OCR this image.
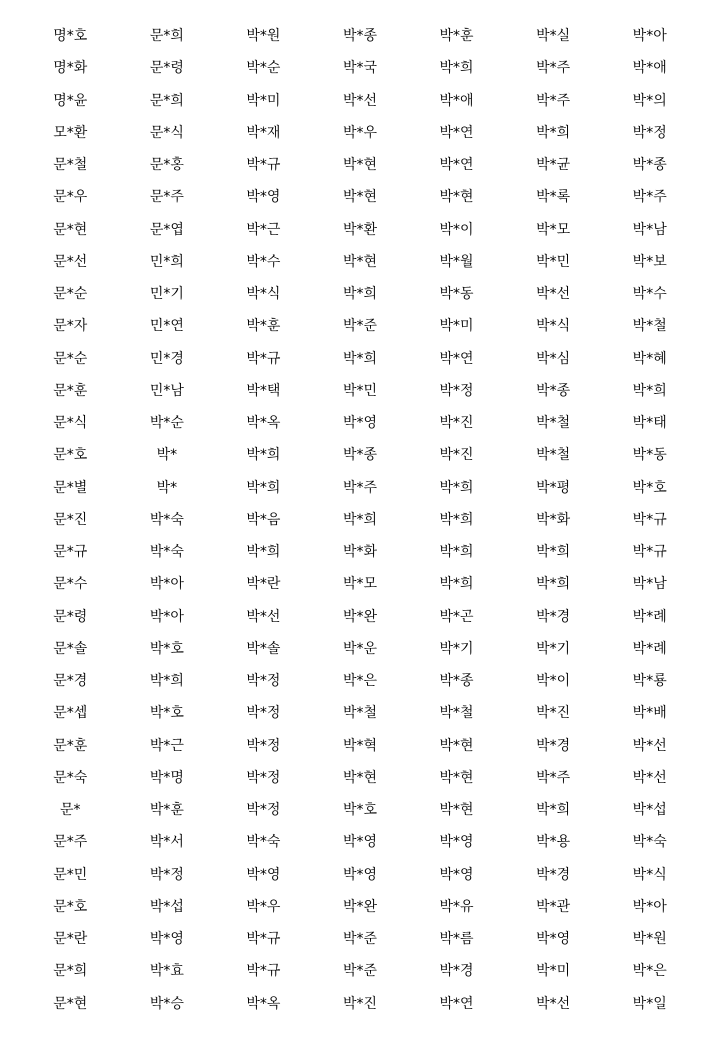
명*호	문*희	박*원	박*종	박*훈	박*실	박*아
명*화	문*령	박*순	박*국	박*희	박*주	박*애
명*윤	문*희	박*미	박*선	박*애	박*주	박*의
모*환	문*식	박*재	박*우	박*연	박*희	박*정
문*철	문*홍	박*규	박*현	박*연	박*균	박*종
문*우	문*주	박*영	박*현	박*현	박*록	박*주
문*현	문*엽	박*근	박*환	박*이	박*모	박*남
문*선	민*희	박*수	박*현	박*월	박*민	박*보
문*순	민*기	박*식	박*희	박*동	박*선	박*수
문*자	민*연	박*훈	박*준	박*미	박*식	박*철
문*순	민*경	박*규	박*희	박*연	박*심	박*혜
문*훈	민*남	박*택	박*민	박*정	박*종	박*희
문*식	박*순	박*옥	박*영	박*진	박*철	박*태
문*호	박*	박*희	박*종	박*진	박*철	박*동
문*별	박*	박*희	박*주	박*희	박*평	박*호
문*진	박*숙	박*음	박*희	박*희	박*화	박*규
문*규	박*숙	박*희	박*화	박*희	박*희	박*규
문*수	박*아	박*란	박*모	박*희	박*희	박*남
문*령	박*아	박*선	박*완	박*곤	박*경	박*례
문*솔	박*호	박*솔	박*운	박*기	박*기	박*례
문*경	박*희	박*정	박*은	박*종	박*이	박*룡
문*셉	박*호	박*정	박*철	박*철	박*진	박*배
문*훈	박*근	박*정	박*혁	박*현	박*경	박*선
문*숙	박*명	박*정	박*현	박*현	박*주	박*선
문*	박*훈	박*정	박*호	박*현	박*희	박*섭
문*주	박*서	박*숙	박*영	박*영	박*용	박*숙
문*민	박*정	박*영	박*영	박*영	박*경	박*식
문*호	박*섭	박*우	박*완	박*유	박*관	박*아
문*란	박*영	박*규	박*준	박*름	박*영	박*원
문*희	박*효	박*규	박*준	박*경	박*미	박*은
문*현	박*승	박*옥	박*진	박*연	박*선	박*일
